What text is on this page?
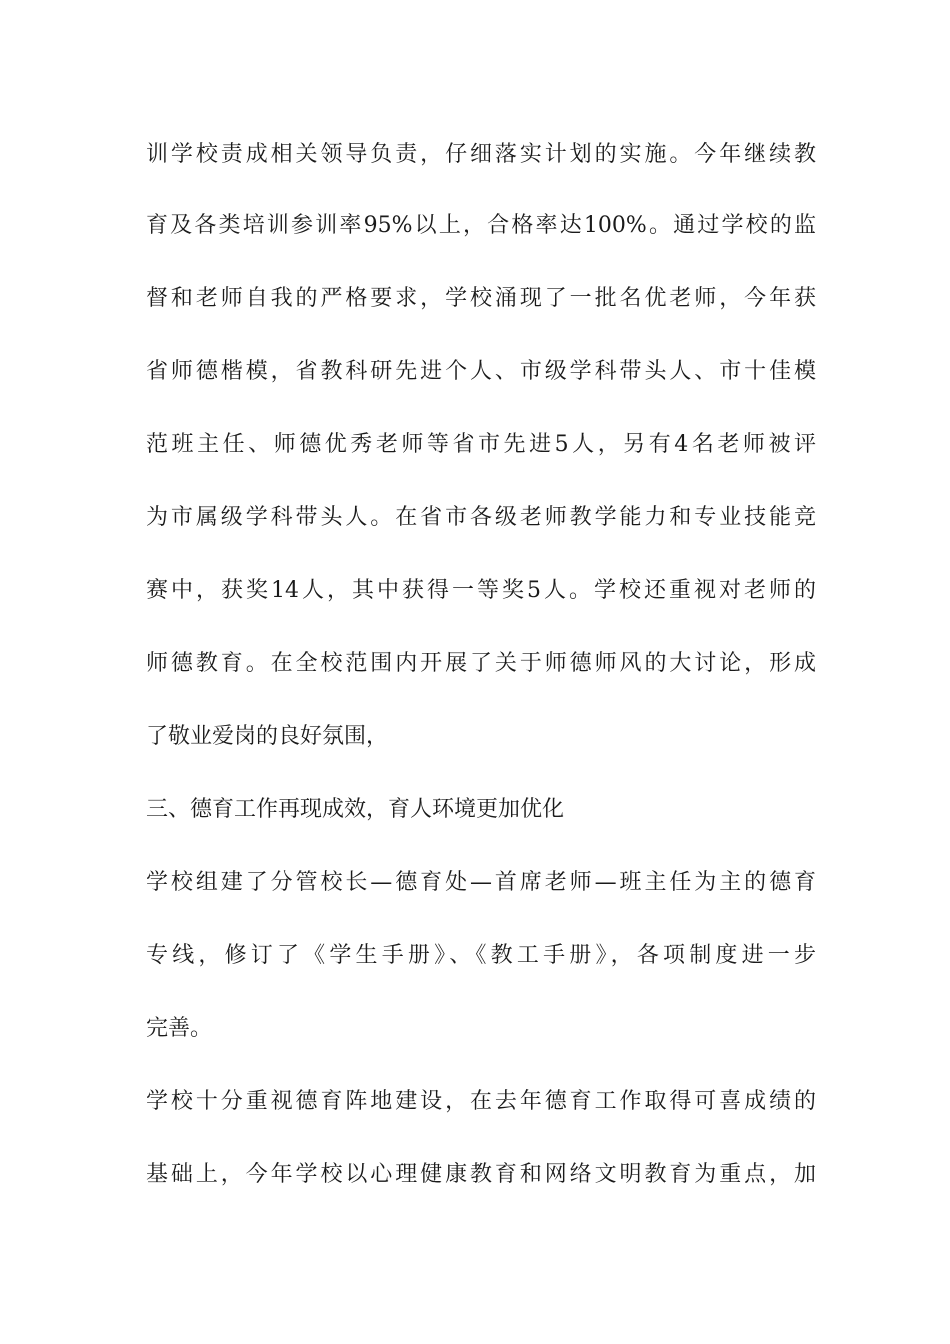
训学校责成相关领导负责，仔细落实计划的实施。今年继续教
育及各类培训参训率95%以上，合格率达100%。通过学校的监
督和老师自我的严格要求，学校涌现了一批名优老师，今年获
省师德楷模，省教科研先进个人、市级学科带头人、市十佳模
范班主任、师德优秀老师等省市先进5人，另有4名老师被评
为市属级学科带头人。在省市各级老师教学能力和专业技能竞
赛中，获奖14人，其中获得一等奖5人。学校还重视对老师的
师德教育。在全校范围内开展了关于师德师风的大讨论，形成
了敬业爱岗的良好氛围，
三、德育工作再现成效，育人环境更加优化
学校组建了分管校长—德育处—首席老师—班主任为主的德育
专线，修订了《学生手册》、《教工手册》，各项制度进一步
完善。
学校十分重视德育阵地建设，在去年德育工作取得可喜成绩的
基础上，今年学校以心理健康教育和网络文明教育为重点，加
